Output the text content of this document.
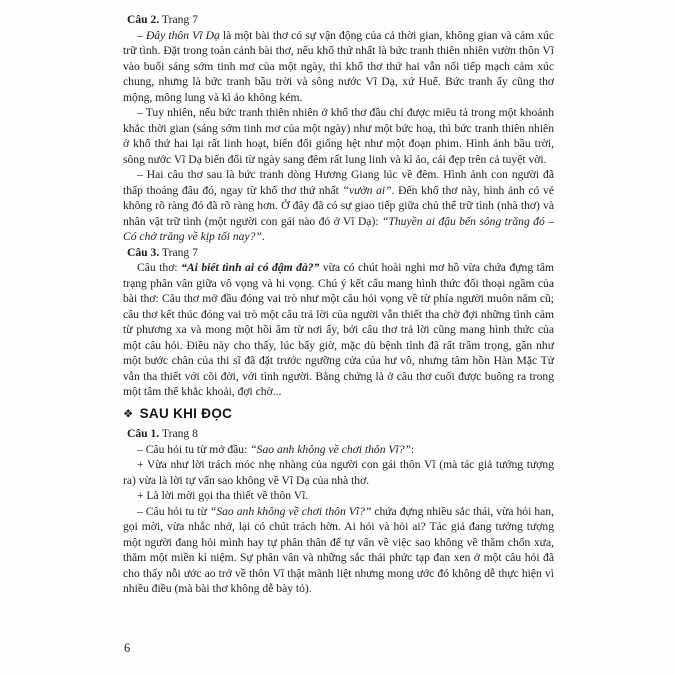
Câu 2. Trang 7

– Đây thôn Vĩ Dạ là một bài thơ có sự vận động của cả thời gian, không gian và cảm xúc trữ tình. Đặt trong toàn cảnh bài thơ, nếu khổ thứ nhất là bức tranh thiên nhiên vườn thôn Vĩ vào buổi sáng sớm tinh mơ của một ngày, thì khổ thơ thứ hai vẫn nối tiếp mạch cảm xúc chung, nhưng là bức tranh bầu trời và sông nước Vĩ Dạ, xứ Huế. Bức tranh ấy cũng thơ mộng, mông lung và kì ảo không kém.

– Tuy nhiên, nếu bức tranh thiên nhiên ở khổ thơ đầu chỉ được miêu tả trong một khoảnh khắc thời gian (sáng sớm tinh mơ của một ngày) như một bức hoạ, thì bức tranh thiên nhiên ở khổ thứ hai lại rất linh hoạt, biến đổi giống hệt như một đoạn phim. Hình ảnh bầu trời, sông nước Vĩ Dạ biến đổi từ ngày sang đêm rất lung linh và kì ảo, cái đẹp trên cả tuyệt vời.

– Hai câu thơ sau là bức tranh dòng Hương Giang lúc về đêm. Hình ảnh con người đã thấp thoáng đâu đó, ngay từ khổ thơ thứ nhất “vườn ai”. Đến khổ thơ này, hình ảnh có vẻ không rõ ràng đó đã rõ ràng hơn. Ở đây đã có sự giao tiếp giữa chủ thể trữ tình (nhà thơ) và nhân vật trữ tình (một người con gái nào đó ở Vĩ Dạ): “Thuyền ai đậu bến sông trăng đó – Có chở trăng về kịp tối nay?”.

Câu 3. Trang 7

Câu thơ: “Ai biết tình ai có đậm đà?” vừa có chút hoài nghi mơ hồ vừa chứa đựng tâm trạng phân vân giữa vô vọng và hi vọng. Chú ý kết cấu mang hình thức đối thoại ngầm của bài thơ: Câu thơ mở đầu đóng vai trò như một câu hỏi vọng về từ phía người muôn năm cũ; câu thơ kết thúc đóng vai trò một câu trả lời của người vẫn thiết tha chờ đợi những tình cảm từ phương xa và mong một hồi âm từ nơi ấy, bởi câu thơ trả lời cũng mang hình thức của một câu hỏi. Điều này cho thấy, lúc bấy giờ, mặc dù bệnh tình đã rất trầm trọng, gần như một bước chân của thi sĩ đã đặt trước ngưỡng cửa của hư vô, nhưng tâm hồn Hàn Mặc Tử vẫn tha thiết với cõi đời, với tình người. Bằng chứng là ở câu thơ cuối được buông ra trong một tâm thế khắc khoải, đợi chờ...

❖ SAU KHI ĐỌC

Câu 1. Trang 8

– Câu hỏi tu từ mở đầu: “Sao anh không về chơi thôn Vĩ?”:

+ Vừa như lời trách móc nhẹ nhàng của người con gái thôn Vĩ (mà tác giả tưởng tượng ra) vừa là lời tự vấn sao không về Vĩ Dạ của nhà thơ.

+ Là lời mời gọi tha thiết về thôn Vĩ.

– Câu hỏi tu từ “Sao anh không về chơi thôn Vĩ?” chứa đựng nhiều sắc thái, vừa hỏi han, gọi mời, vừa nhắc nhở, lại có chút trách hờn. Ai hỏi và hỏi ai? Tác giả đang tưởng tượng một người đang hỏi mình hay tự phân thân để tự vấn về việc sao không về thăm chốn xưa, thăm một miền kỉ niệm. Sự phân vân và những sắc thái phức tạp đan xen ở một câu hỏi đã cho thấy nỗi ước ao trở về thôn Vĩ thật mãnh liệt nhưng mong ước đó không dễ thực hiện vì nhiều điều (mà bài thơ không dễ bày tỏ).

6
